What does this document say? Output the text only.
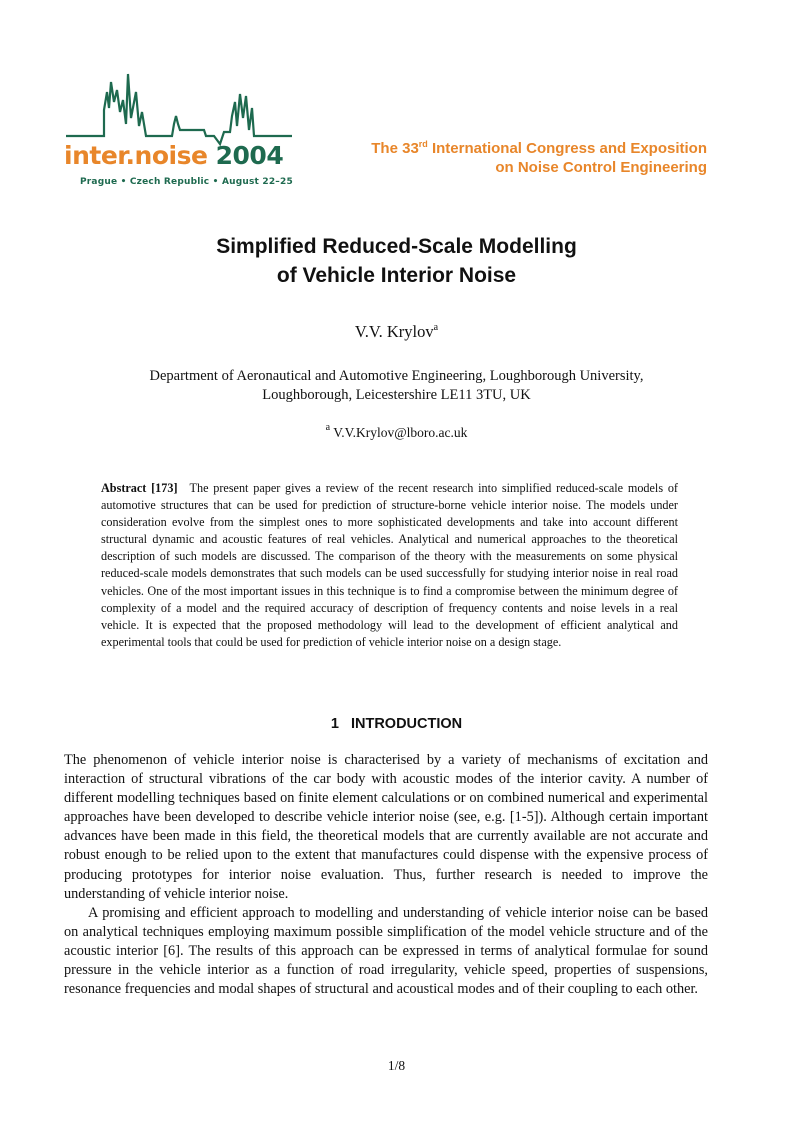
inter.noise 2004
Prague • Czech Republic • August 22–25
The 33rd International Congress and Exposition
on Noise Control Engineering
Simplified Reduced-Scale Modelling
of Vehicle Interior Noise
V.V. Krylov$^a$
Department of Aeronautical and Automotive Engineering, Loughborough University,
Loughborough, Leicestershire LE11 3TU, UK
$^a$ V.V.Krylov@lboro.ac.uk
Abstract [173] The present paper gives a review of the recent research into simplified reduced-scale models of automotive structures that can be used for prediction of structure-borne vehicle interior noise. The models under consideration evolve from the simplest ones to more sophisticated developments and take into account different structural dynamic and acoustic features of real vehicles. Analytical and numerical approaches to the theoretical description of such models are discussed. The comparison of the theory with the measurements on some physical reduced-scale models demonstrates that such models can be used successfully for studying interior noise in real road vehicles. One of the most important issues in this technique is to find a compromise between the minimum degree of complexity of a model and the required accuracy of description of frequency contents and noise levels in a real vehicle. It is expected that the proposed methodology will lead to the development of efficient analytical and experimental tools that could be used for prediction of vehicle interior noise on a design stage.
1 INTRODUCTION

The phenomenon of vehicle interior noise is characterised by a variety of mechanisms of excitation and interaction of structural vibrations of the car body with acoustic modes of the interior cavity. A number of different modelling techniques based on finite element calculations or on combined numerical and experimental approaches have been developed to describe vehicle interior noise (see, e.g. [1-5]). Although certain important advances have been made in this field, the theoretical models that are currently available are not accurate and robust enough to be relied upon to the extent that manufactures could dispense with the expensive process of producing prototypes for interior noise evaluation. Thus, further research is needed to improve the understanding of vehicle interior noise.

A promising and efficient approach to modelling and understanding of vehicle interior noise can be based on analytical techniques employing maximum possible simplification of the model vehicle structure and of the acoustic interior [6]. The results of this approach can be expressed in terms of analytical formulae for sound pressure in the vehicle interior as a function of road irregularity, vehicle speed, properties of suspensions, resonance frequencies and modal shapes of structural and acoustical modes and of their coupling to each other.

1/8
